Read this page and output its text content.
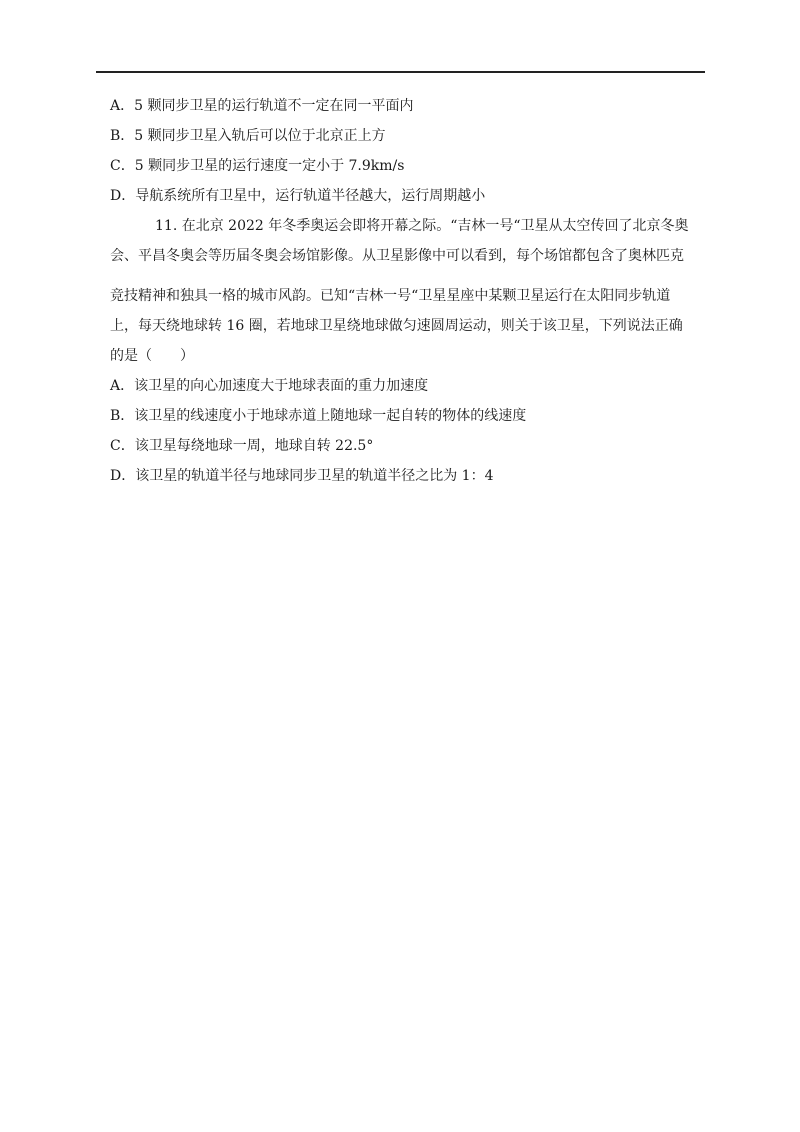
A．5 颗同步卫星的运行轨道不一定在同一平面内
B．5 颗同步卫星入轨后可以位于北京正上方
C．5 颗同步卫星的运行速度一定小于 7.9km/s
D．导航系统所有卫星中，运行轨道半径越大，运行周期越小
11. 在北京 2022 年冬季奥运会即将开幕之际。“吉林一号“卫星从太空传回了北京冬奥
会、平昌冬奥会等历届冬奥会场馆影像。从卫星影像中可以看到，每个场馆都包含了奥林匹克
竞技精神和独具一格的城市风韵。已知“吉林一号“卫星星座中某颗卫星运行在太阳同步轨道
上，每天绕地球转 16 圈，若地球卫星绕地球做匀速圆周运动，则关于该卫星，下列说法正确
的是（　　）
A．该卫星的向心加速度大于地球表面的重力加速度
B．该卫星的线速度小于地球赤道上随地球一起自转的物体的线速度
C．该卫星每绕地球一周，地球自转 22.5°
D．该卫星的轨道半径与地球同步卫星的轨道半径之比为 1：4
